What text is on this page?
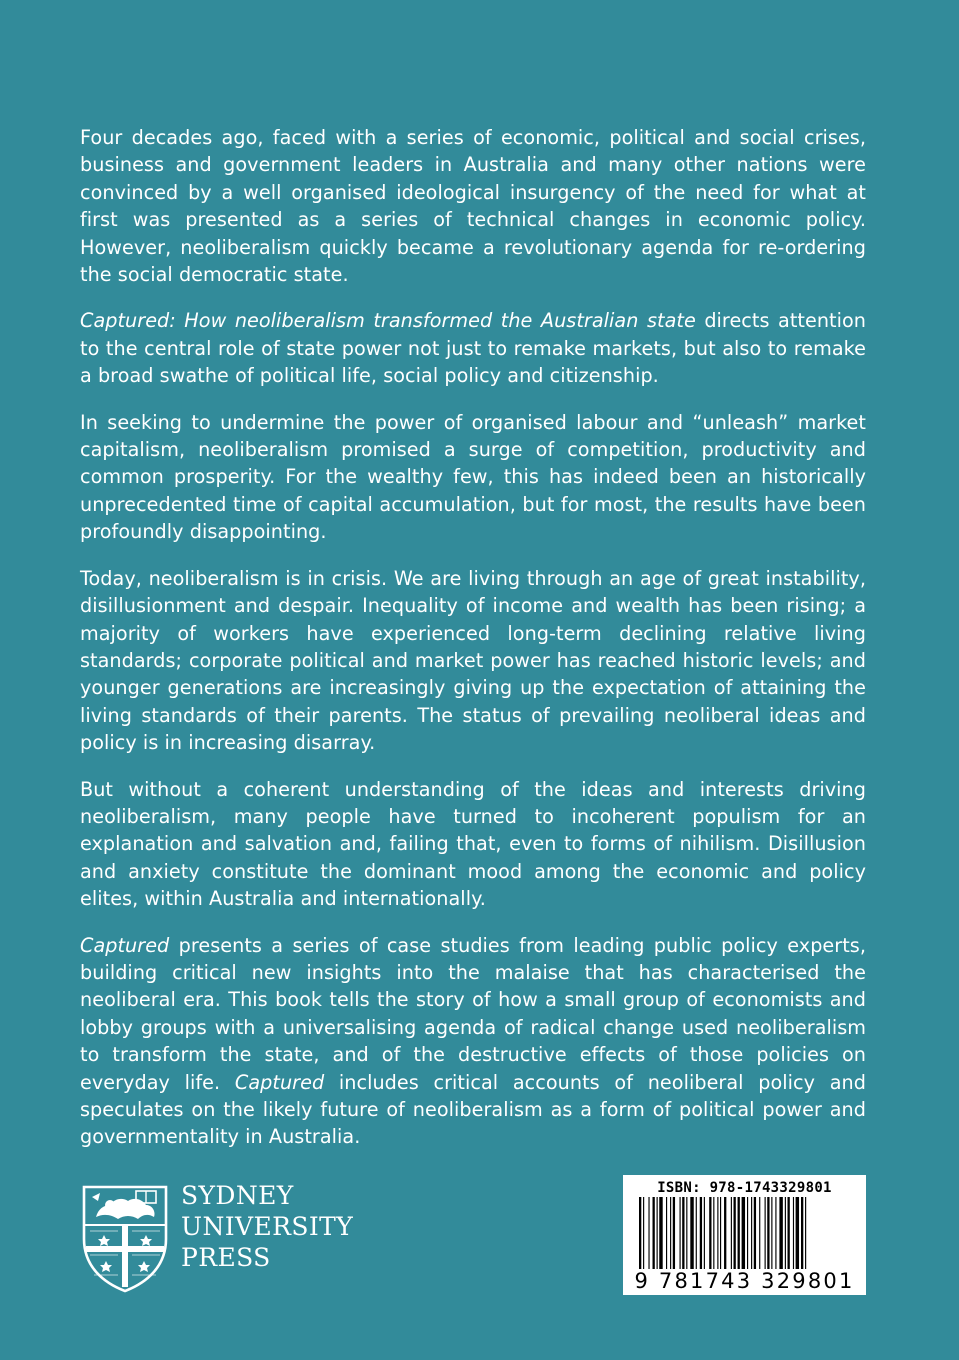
Four decades ago, faced with a series of economic, political and social crises, business and government leaders in Australia and many other nations were convinced by a well organised ideological insurgency of the need for what at first was presented as a series of technical changes in economic policy. However, neoliberalism quickly became a revolutionary agenda for re-ordering the social democratic state.

Captured: How neoliberalism transformed the Australian state directs attention to the central role of state power not just to remake markets, but also to remake a broad swathe of political life, social policy and citizenship.

In seeking to undermine the power of organised labour and “unleash” market capitalism, neoliberalism promised a surge of competition, productivity and common prosperity. For the wealthy few, this has indeed been an historically unprecedented time of capital accumulation, but for most, the results have been profoundly disappointing.

Today, neoliberalism is in crisis. We are living through an age of great instability, disillusionment and despair. Inequality of income and wealth has been rising; a majority of workers have experienced long-term declining relative living standards; corporate political and market power has reached historic levels; and younger generations are increasingly giving up the expectation of attaining the living standards of their parents. The status of prevailing neoliberal ideas and policy is in increasing disarray.

But without a coherent understanding of the ideas and interests driving neoliberalism, many people have turned to incoherent populism for an explanation and salvation and, failing that, even to forms of nihilism. Disillusion and anxiety constitute the dominant mood among the economic and policy elites, within Australia and internationally.

Captured presents a series of case studies from leading public policy experts, building critical new insights into the malaise that has characterised the neoliberal era. This book tells the story of how a small group of economists and lobby groups with a universalising agenda of radical change used neoliberalism to transform the state, and of the destructive effects of those policies on everyday life. Captured includes critical accounts of neoliberal policy and speculates on the likely future of neoliberalism as a form of political power and governmentality in Australia.

SYDNEY
UNIVERSITY
PRESS
ISBN: 978-1743329801
9 781743 329801
